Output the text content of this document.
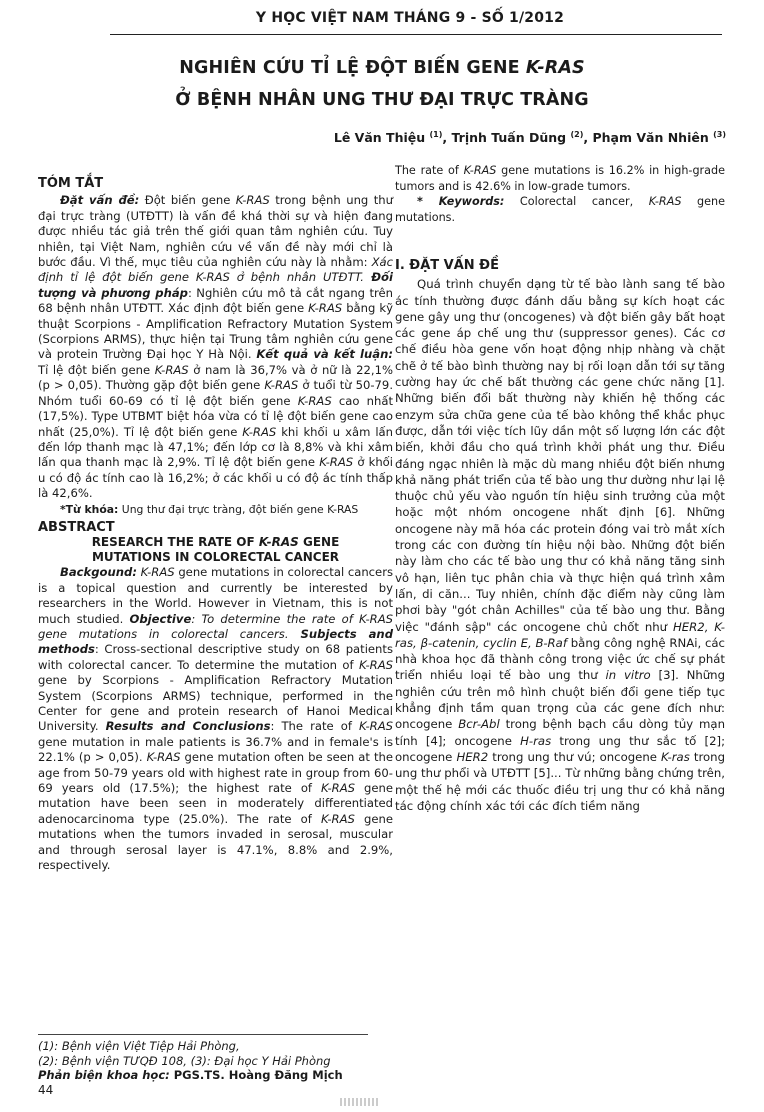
Y HỌC VIỆT NAM THÁNG 9 - SỐ 1/2012
NGHIÊN CỨU TỈ LỆ ĐỘT BIẾN GENE K-RAS
Ở BỆNH NHÂN UNG THƯ ĐẠI TRỰC TRÀNG
Lê Văn Thiệu $^{(1)}$, Trịnh Tuấn Dũng $^{(2)}$, Phạm Văn Nhiên $^{(3)}$
TÓM TẮT

Đặt vấn đề: Đột biến gene K-RAS trong bệnh ung thư đại trực tràng (UTĐTT) là vấn đề khá thời sự và hiện đang được nhiều tác giả trên thế giới quan tâm nghiên cứu. Tuy nhiên, tại Việt Nam, nghiên cứu về vấn đề này mới chỉ là bước đầu. Vì thế, mục tiêu của nghiên cứu này là nhằm: Xác định tỉ lệ đột biến gene K-RAS ở bệnh nhân UTĐTT. Đối tượng và phương pháp: Nghiên cứu mô tả cắt ngang trên 68 bệnh nhân UTĐTT. Xác định đột biến gene K-RAS bằng kỹ thuật Scorpions - Amplification Refractory Mutation System (Scorpions ARMS), thực hiện tại Trung tâm nghiên cứu gene và protein Trường Đại học Y Hà Nội. Kết quả và kết luận: Tỉ lệ đột biến gene K-RAS ở nam là 36,7% và ở nữ là 22,1% (p > 0,05). Thường gặp đột biến gene K-RAS ở tuổi từ 50-79. Nhóm tuổi 60-69 có tỉ lệ đột biến gene K-RAS cao nhất (17,5%). Type UTBMT biệt hóa vừa có tỉ lệ đột biến gene cao nhất (25,0%). Tỉ lệ đột biến gene K-RAS khi khối u xâm lấn đến lớp thanh mạc là 47,1%; đến lớp cơ là 8,8% và khi xâm lấn qua thanh mạc là 2,9%. Tỉ lệ đột biến gene K-RAS ở khối u có độ ác tính cao là 16,2%; ở các khối u có độ ác tính thấp là 42,6%.

*Từ khóa: Ung thư đại trực tràng, đột biến gene K-RAS

ABSTRACT
RESEARCH THE RATE OF K-RAS GENE
MUTATIONS IN COLORECTAL CANCER

Backgound: K-RAS gene mutations in colorectal cancers is a topical question and currently be interested by researchers in the World. However in Vietnam, this is not much studied. Objective: To determine the rate of K-RAS gene mutations in colorectal cancers. Subjects and methods: Cross-sectional descriptive study on 68 patients with colorectal cancer. To determine the mutation of K-RAS gene by Scorpions - Amplification Refractory Mutation System (Scorpions ARMS) technique, performed in the Center for gene and protein research of Hanoi Medical University. Results and Conclusions: The rate of K-RAS gene mutation in male patients is 36.7% and in female's is 22.1% (p > 0,05). K-RAS gene mutation often be seen at the age from 50-79 years old with highest rate in group from 60-69 years old (17.5%); the highest rate of K-RAS gene mutation have been seen in moderately differentiated adenocarcinoma type (25.0%). The rate of K-RAS gene mutations when the tumors invaded in serosal, muscular and through serosal layer is 47.1%, 8.8% and 2.9%, respectively.

The rate of K-RAS gene mutations is 16.2% in high-grade tumors and is 42.6% in low-grade tumors.

* Keywords: Colorectal cancer, K-RAS gene mutations.

I. ĐẶT VẤN ĐỀ

Quá trình chuyển dạng từ tế bào lành sang tế bào ác tính thường được đánh dấu bằng sự kích hoạt các gene gây ung thư (oncogenes) và đột biến gây bất hoạt các gene áp chế ung thư (suppressor genes). Các cơ chế điều hòa gene vốn hoạt động nhịp nhàng và chặt chẽ ở tế bào bình thường nay bị rối loạn dẫn tới sự tăng cường hay ức chế bất thường các gene chức năng [1]. Những biến đổi bất thường này khiến hệ thống các enzym sửa chữa gene của tế bào không thể khắc phục được, dẫn tới việc tích lũy dần một số lượng lớn các đột biến, khởi đầu cho quá trình khởi phát ung thư. Điều đáng ngạc nhiên là mặc dù mang nhiều đột biến nhưng khả năng phát triển của tế bào ung thư dường như lại lệ thuộc chủ yếu vào nguồn tín hiệu sinh trưởng của một hoặc một nhóm oncogene nhất định [6]. Những oncogene này mã hóa các protein đóng vai trò mắt xích trong các con đường tín hiệu nội bào. Những đột biến này làm cho các tế bào ung thư có khả năng tăng sinh vô hạn, liên tục phân chia và thực hiện quá trình xâm lấn, di căn... Tuy nhiên, chính đặc điểm này cũng làm phơi bày "gót chân Achilles" của tế bào ung thư. Bằng việc "đánh sập" các oncogene chủ chốt như HER2, K-ras, β-catenin, cyclin E, B-Raf bằng công nghệ RNAi, các nhà khoa học đã thành công trong việc ức chế sự phát triển nhiều loại tế bào ung thư in vitro [3]. Những nghiên cứu trên mô hình chuột biến đổi gene tiếp tục khẳng định tầm quan trọng của các gene đích như: oncogene Bcr-Abl trong bệnh bạch cầu dòng tủy mạn tính [4]; oncogene H-ras trong ung thư sắc tố [2]; oncogene HER2 trong ung thư vú; oncogene K-ras trong ung thư phổi và UTĐTT [5]... Từ những bằng chứng trên, một thế hệ mới các thuốc điều trị ung thư có khả năng tác động chính xác tới các đích tiềm năng

(1): Bệnh viện Việt Tiệp Hải Phòng,
(2): Bệnh viện TƯQĐ 108, (3): Đại học Y Hải Phòng
Phản biện khoa học: PGS.TS. Hoàng Đăng Mịch
44
